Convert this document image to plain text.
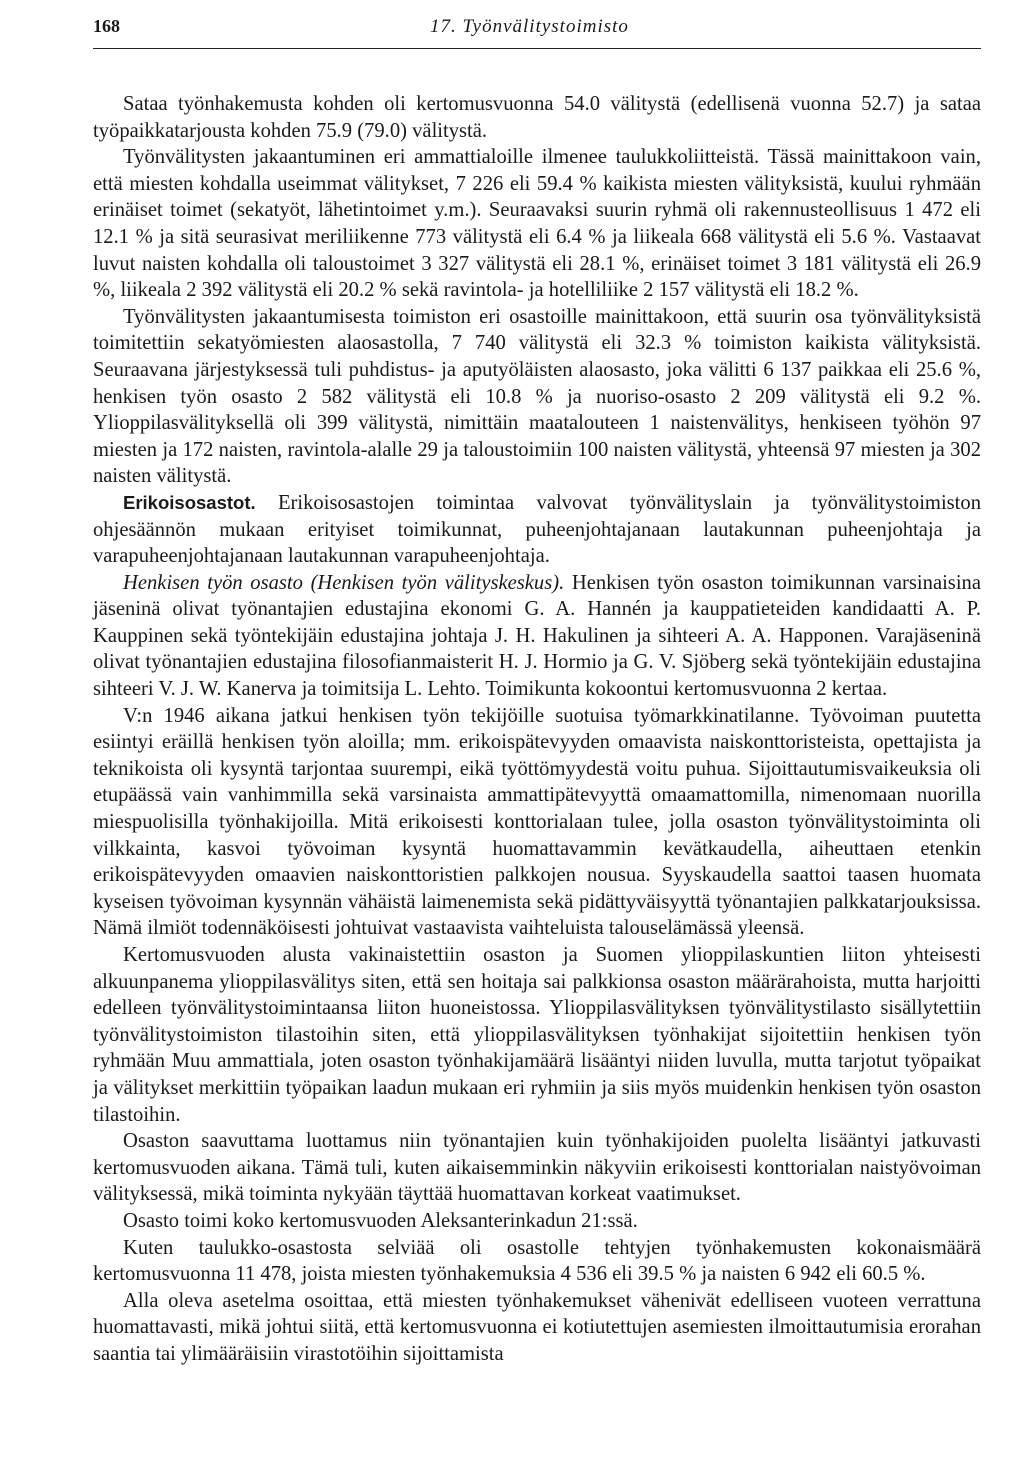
168	17. Työnvälitystoimisto

Sataa työnhakemusta kohden oli kertomusvuonna 54.0 välitystä (edellisenä vuonna 52.7) ja sataa työpaikkatarjousta kohden 75.9 (79.0) välitystä.

Työnvälitysten jakaantuminen eri ammattialoille ilmenee taulukkoliitteistä. Tässä mainittakoon vain, että miesten kohdalla useimmat välitykset, 7 226 eli 59.4 % kaikista miesten välityksistä, kuului ryhmään erinäiset toimet (sekatyöt, lähetintoimet y.m.). Seuraavaksi suurin ryhmä oli rakennusteollisuus 1 472 eli 12.1 % ja sitä seurasivat meriliikenne 773 välitystä eli 6.4 % ja liikeala 668 välitystä eli 5.6 %. Vastaavat luvut naisten kohdalla oli taloustoimet 3 327 välitystä eli 28.1 %, erinäiset toimet 3 181 välitystä eli 26.9 %, liikeala 2 392 välitystä eli 20.2 % sekä ravintola- ja hotelliliike 2 157 välitystä eli 18.2 %.

Työnvälitysten jakaantumisesta toimiston eri osastoille mainittakoon, että suurin osa työnvälityksistä toimitettiin sekatyömiesten alaosastolla, 7 740 välitystä eli 32.3 % toimiston kaikista välityksistä. Seuraavana järjestyksessä tuli puhdistus- ja aputyöläisten alaosasto, joka välitti 6 137 paikkaa eli 25.6 %, henkisen työn osasto 2 582 välitystä eli 10.8 % ja nuoriso-osasto 2 209 välitystä eli 9.2 %. Ylioppilasvälityksellä oli 399 välitystä, nimittäin maatalouteen 1 naistenvälitys, henkiseen työhön 97 miesten ja 172 naisten, ravintola-alalle 29 ja taloustoimiin 100 naisten välitystä, yhteensä 97 miesten ja 302 naisten välitystä.

Erikoisosastot. Erikoisosastojen toimintaa valvovat työnvälityslain ja työnvälitystoimiston ohjesäännön mukaan erityiset toimikunnat, puheenjohtajanaan lautakunnan puheenjohtaja ja varapuheenjohtajanaan lautakunnan varapuheenjohtaja.

Henkisen työn osasto (Henkisen työn välityskeskus). Henkisen työn osaston toimikunnan varsinaisina jäseninä olivat työnantajien edustajina ekonomi G. A. Hannén ja kauppatieteiden kandidaatti A. P. Kauppinen sekä työntekijäin edustajina johtaja J. H. Hakulinen ja sihteeri A. A. Happonen. Varajäseninä olivat työnantajien edustajina filosofianmaisterit H. J. Hormio ja G. V. Sjöberg sekä työntekijäin edustajina sihteeri V. J. W. Kanerva ja toimitsija L. Lehto. Toimikunta kokoontui kertomusvuonna 2 kertaa.

V:n 1946 aikana jatkui henkisen työn tekijöille suotuisa työmarkkinatilanne. Työvoiman puutetta esiintyi eräillä henkisen työn aloilla; mm. erikoispätevyyden omaavista naiskonttoristeista, opettajista ja teknikoista oli kysyntä tarjontaa suurempi, eikä työttömyydestä voitu puhua. Sijoittautumisvaikeuksia oli etupäässä vain vanhimmilla sekä varsinaista ammattipätevyyttä omaamattomilla, nimenomaan nuorilla miespuolisilla työnhakijoilla. Mitä erikoisesti konttorialaan tulee, jolla osaston työnvälitystoiminta oli vilkkainta, kasvoi työvoiman kysyntä huomattavammin kevätkaudella, aiheuttaen etenkin erikoispätevyyden omaavien naiskonttoristien palkkojen nousua. Syyskaudella saattoi taasen huomata kyseisen työvoiman kysynnän vähäistä laimenemista sekä pidättyväisyyttä työnantajien palkkatarjouksissa. Nämä ilmiöt todennäköisesti johtuivat vastaavista vaihteluista talouselämässä yleensä.

Kertomusvuoden alusta vakinaistettiin osaston ja Suomen ylioppilaskuntien liiton yhteisesti alkuunpanema ylioppilasvälitys siten, että sen hoitaja sai palkkionsa osaston määrärahoista, mutta harjoitti edelleen työnvälitystoimintaansa liiton huoneistossa. Ylioppilasvälityksen työnvälitystilasto sisällytettiin työnvälitystoimiston tilastoihin siten, että ylioppilasvälityksen työnhakijat sijoitettiin henkisen työn ryhmään Muu ammattiala, joten osaston työnhakijamäärä lisääntyi niiden luvulla, mutta tarjotut työpaikat ja välitykset merkittiin työpaikan laadun mukaan eri ryhmiin ja siis myös muidenkin henkisen työn osaston tilastoihin.

Osaston saavuttama luottamus niin työnantajien kuin työnhakijoiden puolelta lisääntyi jatkuvasti kertomusvuoden aikana. Tämä tuli, kuten aikaisemminkin näkyviin erikoisesti konttorialan naistyövoiman välityksessä, mikä toiminta nykyään täyttää huomattavan korkeat vaatimukset.

Osasto toimi koko kertomusvuoden Aleksanterinkadun 21:ssä.

Kuten taulukko-osastosta selviää oli osastolle tehtyjen työnhakemusten kokonaismäärä kertomusvuonna 11 478, joista miesten työnhakemuksia 4 536 eli 39.5 % ja naisten 6 942 eli 60.5 %.

Alla oleva asetelma osoittaa, että miesten työnhakemukset vähenivät edelliseen vuoteen verrattuna huomattavasti, mikä johtui siitä, että kertomusvuonna ei kotiutettujen asemiesten ilmoittautumisia erorahan saantia tai ylimääräisiin virastotöihin sijoittamista
